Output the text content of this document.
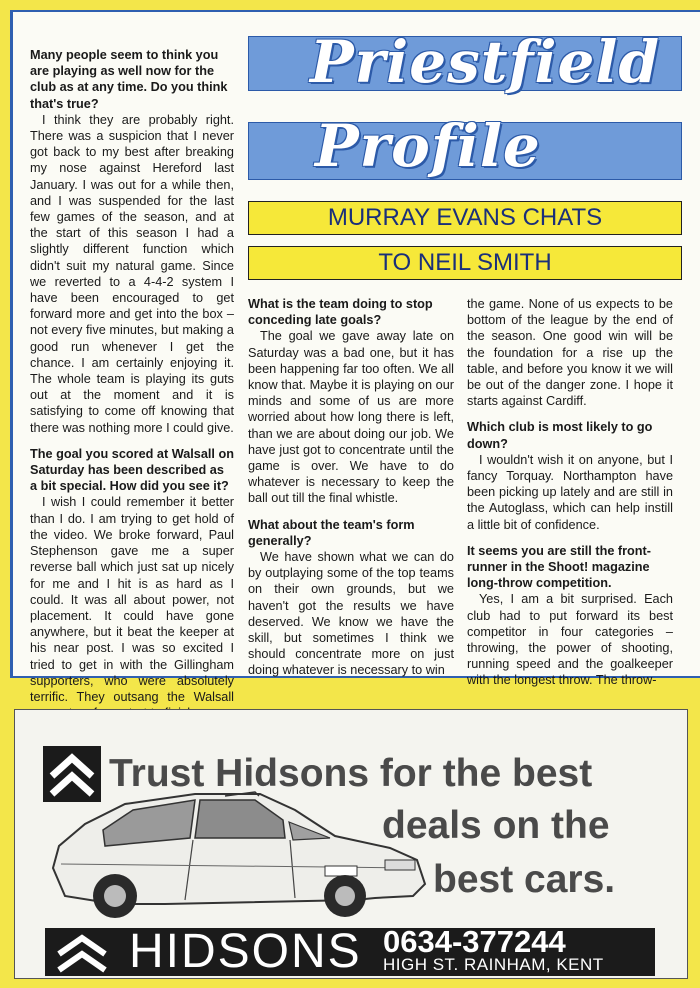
Priestfield
Profile
MURRAY EVANS CHATS
TO NEIL SMITH
Many people seem to think you are playing as well now for the club as at any time. Do you think that's true?

I think they are probably right. There was a suspicion that I never got back to my best after breaking my nose against Hereford last January. I was out for a while then, and I was suspended for the last few games of the season, and at the start of this season I had a slightly different function which didn't suit my natural game. Since we reverted to a 4-4-2 system I have been encouraged to get forward more and get into the box – not every five minutes, but making a good run whenever I get the chance. I am certainly enjoying it. The whole team is playing its guts out at the moment and it is satisfying to come off knowing that there was nothing more I could give.

The goal you scored at Walsall on Saturday has been described as a bit special. How did you see it?

I wish I could remember it better than I do. I am trying to get hold of the video. We broke forward, Paul Stephenson gave me a super reverse ball which just sat up nicely for me and I hit is as hard as I could. It was all about power, not placement. It could have gone anywhere, but it beat the keeper at his near post. I was so excited I tried to get in with the Gillingham supporters, who were absolutely terrific. They outsang the Walsall

What is the team doing to stop conceding late goals?

The goal we gave away late on Saturday was a bad one, but it has been happening far too often. We all know that. Maybe it is playing on our minds and some of us are more worried about how long there is left, than we are about doing our job. We have just got to concentrate until the game is over. We have to do whatever is necessary to keep the ball out till the final whistle.

What about the team's form generally?

We have shown what we can do by outplaying some of the top teams on their own grounds, but we haven't got the results we have deserved. We know we have the skill, but sometimes I think we should concentrate more on just doing whatever is necessary to win

the game. None of us expects to be bottom of the league by the end of the season. One good win will be the foundation for a rise up the table, and before you know it we will be out of the danger zone. I hope it starts against Cardiff.

Which club is most likely to go down?

I wouldn't wish it on anyone, but I fancy Torquay. Northampton have been picking up lately and are still in the Autoglass, which can help instill a little bit of confidence.

It seems you are still the front-runner in the Shoot! magazine long-throw competition.

Yes, I am a bit surprised. Each club had to put forward its best competitor in four categories – throwing, the power of shooting, running speed and the goalkeeper with the longest throw. The throw-

Trust Hidsons for the best
deals on the
best cars.
HIDSONS 0634-377244
HIGH ST. RAINHAM, KENT
